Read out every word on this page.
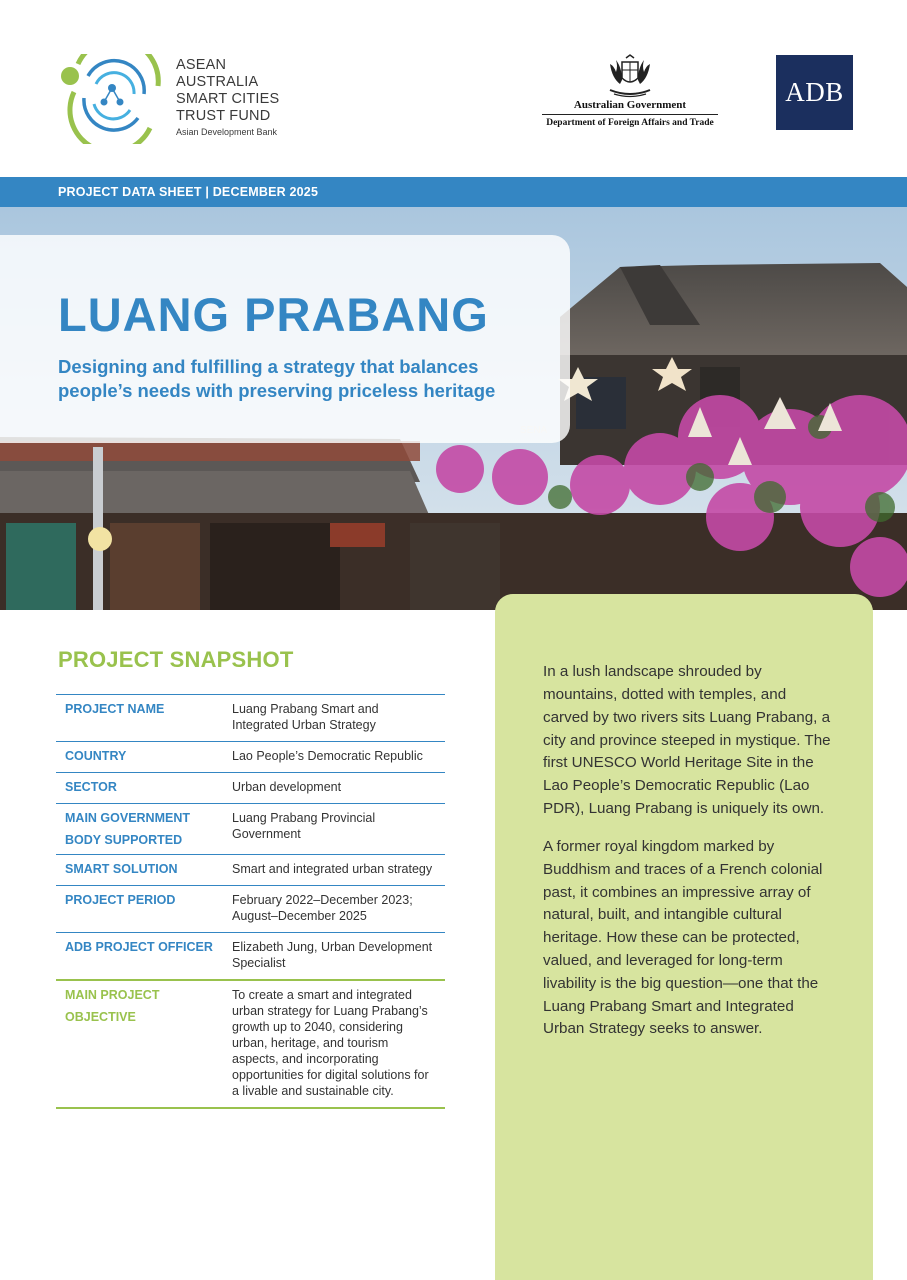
ASEAN
AUSTRALIA
SMART CITIES
TRUST FUND
Asian Development Bank
Australian Government
Department of Foreign Affairs and Trade
ADB
PROJECT DATA SHEET | DECEMBER 2025
LUANG PRABANG
Designing and fulfilling a strategy that balances people’s needs with preserving priceless heritage
PROJECT SNAPSHOT
PROJECT NAME	Luang Prabang Smart and Integrated Urban Strategy
COUNTRY	Lao People’s Democratic Republic
SECTOR	Urban development
MAIN GOVERNMENT BODY SUPPORTED	Luang Prabang Provincial Government
SMART SOLUTION	Smart and integrated urban strategy
PROJECT PERIOD	February 2022–December 2023; August–December 2025
ADB PROJECT OFFICER	Elizabeth Jung, Urban Development Specialist
MAIN PROJECT OBJECTIVE	To create a smart and integrated urban strategy for Luang Prabang’s growth up to 2040, considering urban, heritage, and tourism aspects, and incorporating opportunities for digital solutions for a livable and sustainable city.

In a lush landscape shrouded by mountains, dotted with temples, and carved by two rivers sits Luang Prabang, a city and province steeped in mystique. The first UNESCO World Heritage Site in the Lao People’s Democratic Republic (Lao PDR), Luang Prabang is uniquely its own.

A former royal kingdom marked by Buddhism and traces of a French colonial past, it combines an impressive array of natural, built, and intangible cultural heritage. How these can be protected, valued, and leveraged for long-term livability is the big question—one that the Luang Prabang Smart and Integrated Urban Strategy seeks to answer.
